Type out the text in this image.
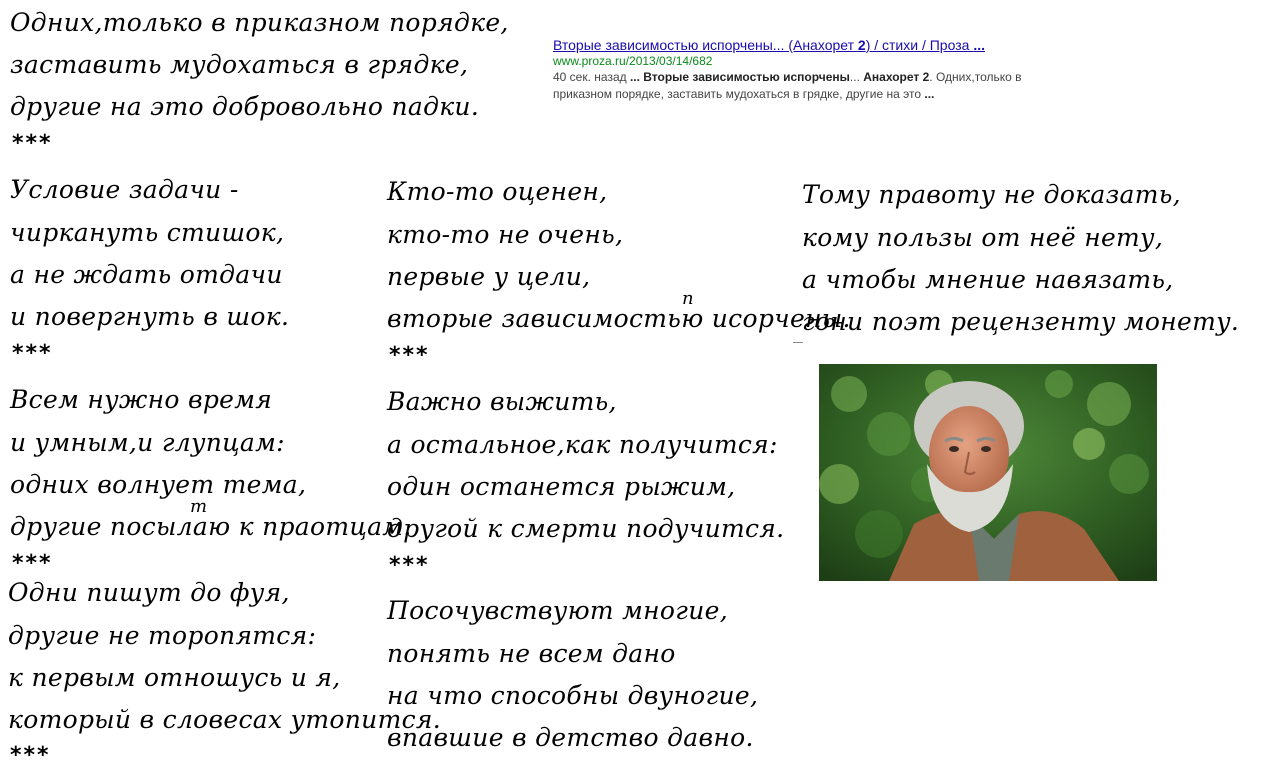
Вторые зависимостью испорчены... (Анахорет 2) / стихи / Проза ...
www.proza.ru/2013/03/14/682
40 сек. назад ... Вторые зависимостью испорчены... Анахорет 2. Одних,только в приказном порядке, заставить мудохаться в грядке, другие на это ...
Одних,только в приказном порядке,
заставить мудохаться в грядке,
другие на это добровольно падки.
***
Условие задачи -
чиркануть стишок,
а не ждать отдачи
и повергнуть в шок.
***
Всем нужно время
и умным,и глупцам:
одних волнует тема,
другие посылаю к праотцам.
т
***
Одни пишут до фуя,
другие не торопятся:
к первым отношусь и я,
который в словесах утопится.
***
Кто-то оценен,
кто-то не очень,
первые у цели,
вторые зависимостью исорчены.
п
***
Важно выжить,
а остальное,как получится:
один останется рыжим,
другой к смерти подучится.
***
Посочувствуют многие,
понять не всем дано
на что способны двуногие,
впавшие в детство давно.
Тому правоту не доказать,
кому пользы от неё нету,
а чтобы мнение навязать,
гони поэт рецензенту монету.
